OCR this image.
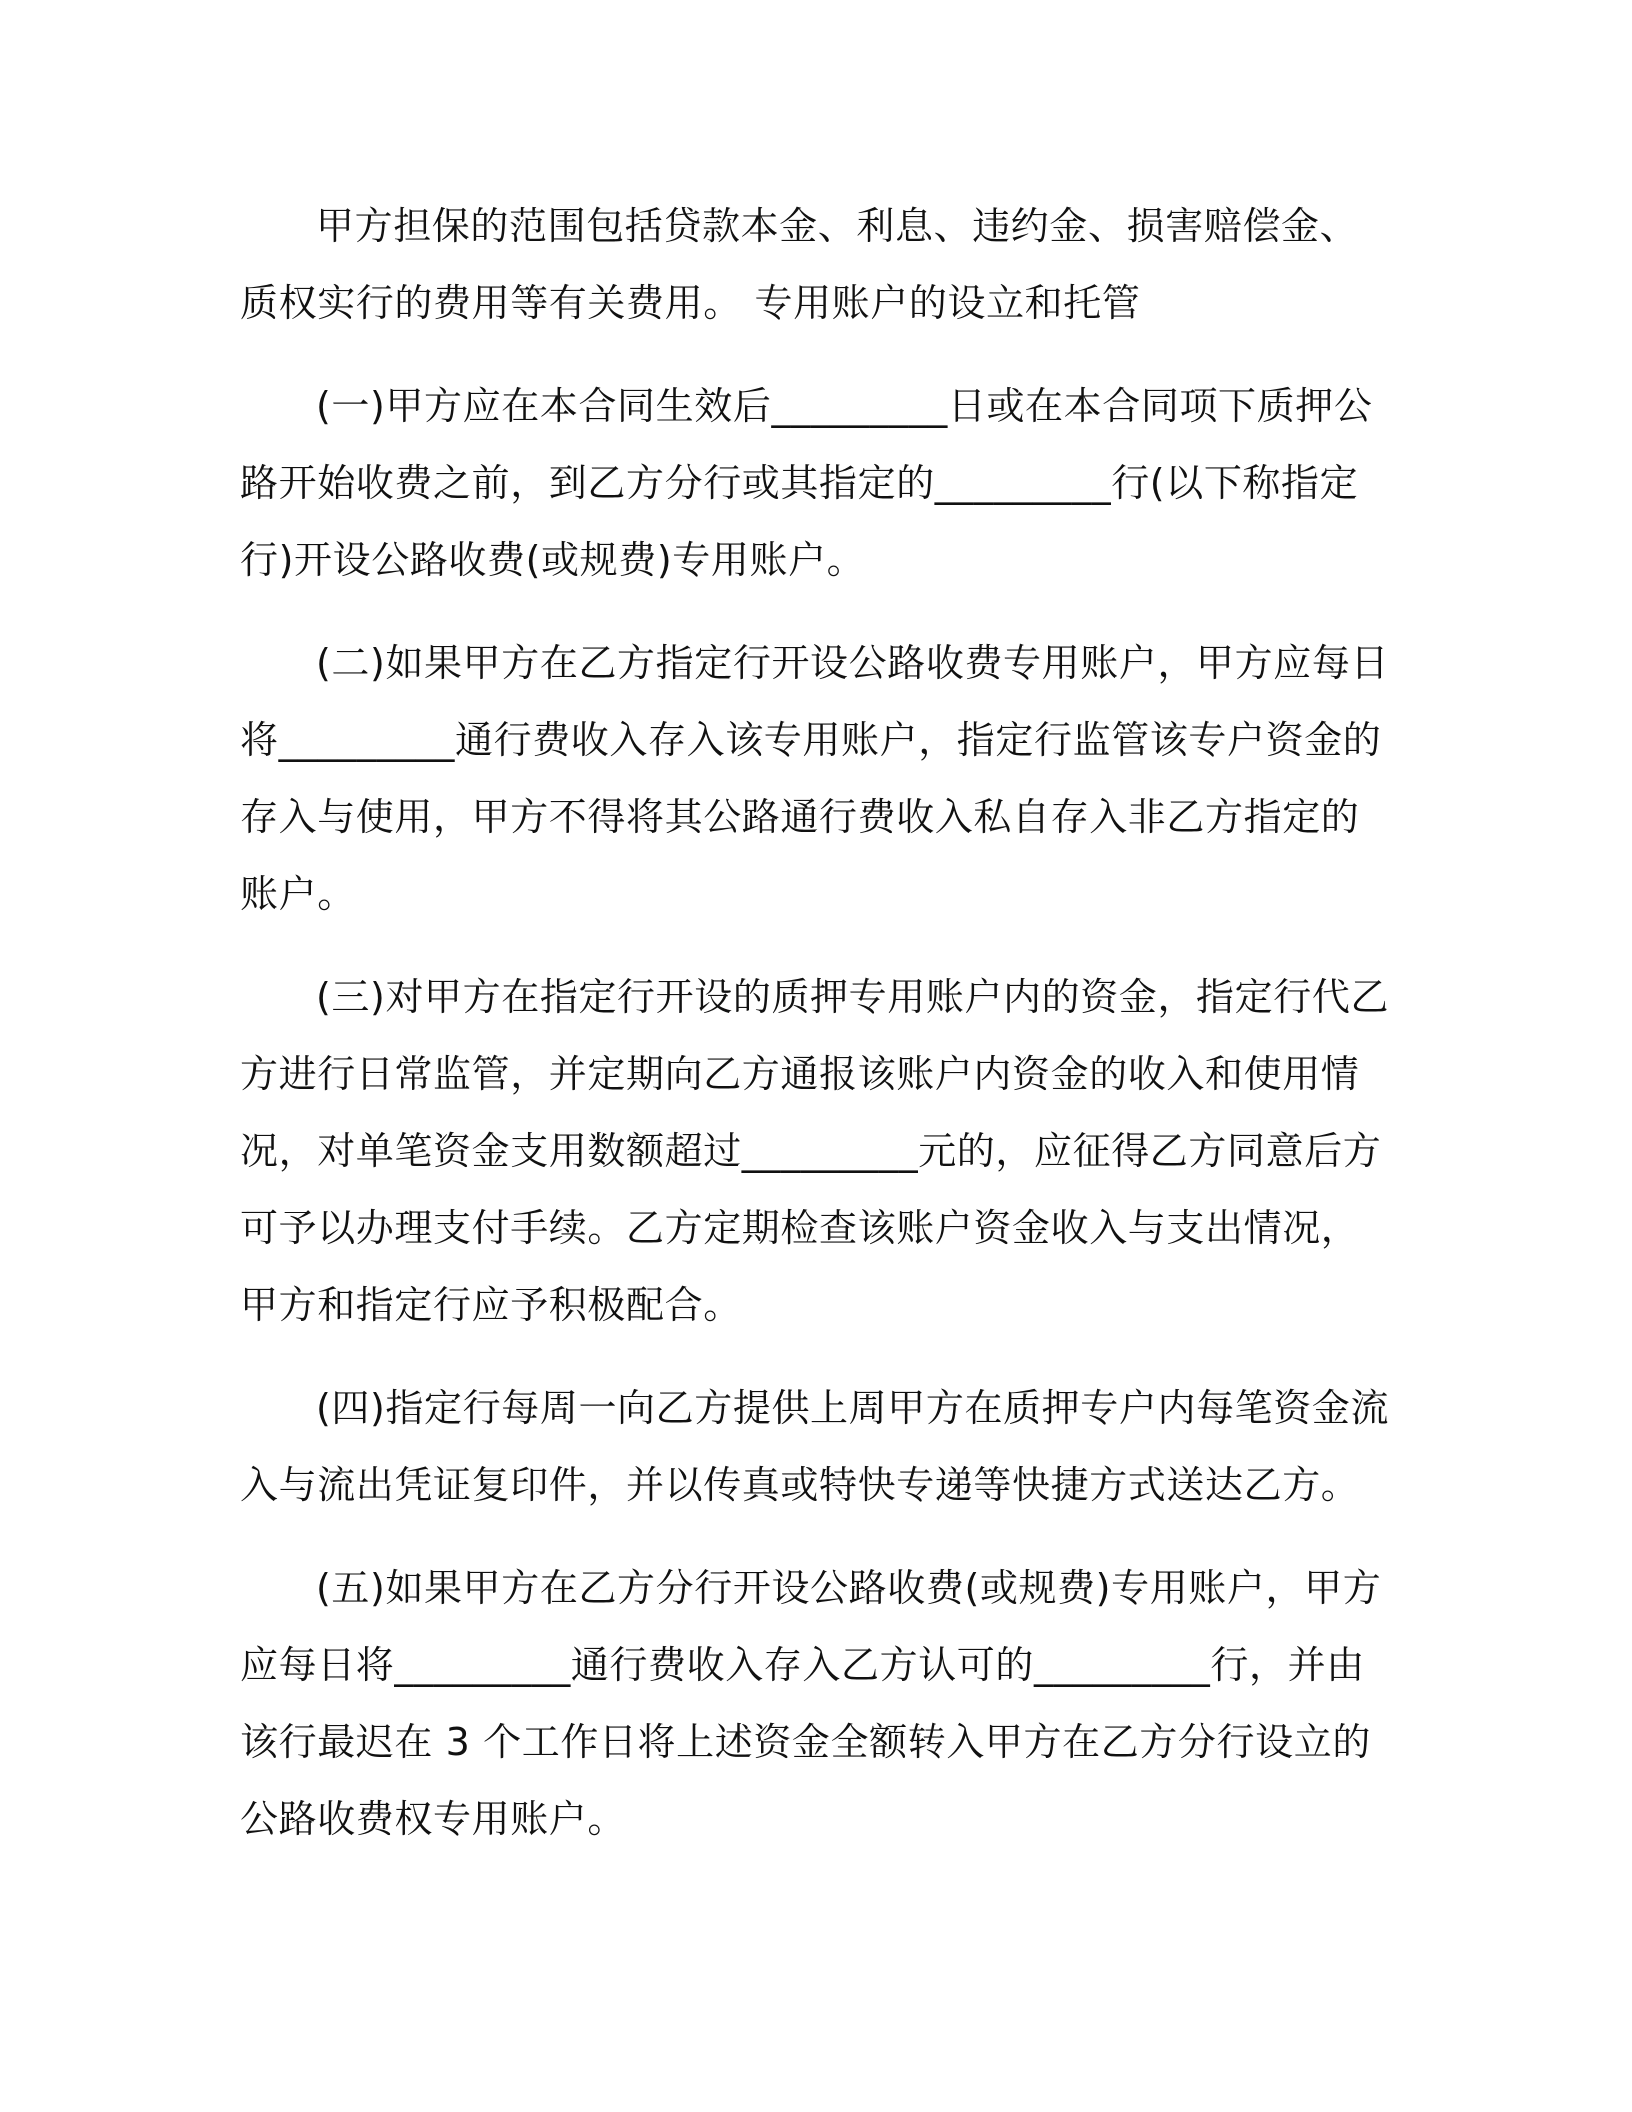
甲方担保的范围包括贷款本金、利息、违约金、损害赔偿金、质权实行的费用等有关费用。 专用账户的设立和托管

(一)甲方应在本合同生效后_________日或在本合同项下质押公路开始收费之前，到乙方分行或其指定的_________行(以下称指定行)开设公路收费(或规费)专用账户。

(二)如果甲方在乙方指定行开设公路收费专用账户，甲方应每日将_________通行费收入存入该专用账户，指定行监管该专户资金的存入与使用，甲方不得将其公路通行费收入私自存入非乙方指定的账户。

(三)对甲方在指定行开设的质押专用账户内的资金，指定行代乙方进行日常监管，并定期向乙方通报该账户内资金的收入和使用情况，对单笔资金支用数额超过_________元的，应征得乙方同意后方可予以办理支付手续。乙方定期检查该账户资金收入与支出情况，甲方和指定行应予积极配合。

(四)指定行每周一向乙方提供上周甲方在质押专户内每笔资金流入与流出凭证复印件，并以传真或特快专递等快捷方式送达乙方。

(五)如果甲方在乙方分行开设公路收费(或规费)专用账户，甲方应每日将_________通行费收入存入乙方认可的_________行，并由该行最迟在 3 个工作日将上述资金全额转入甲方在乙方分行设立的公路收费权专用账户。
